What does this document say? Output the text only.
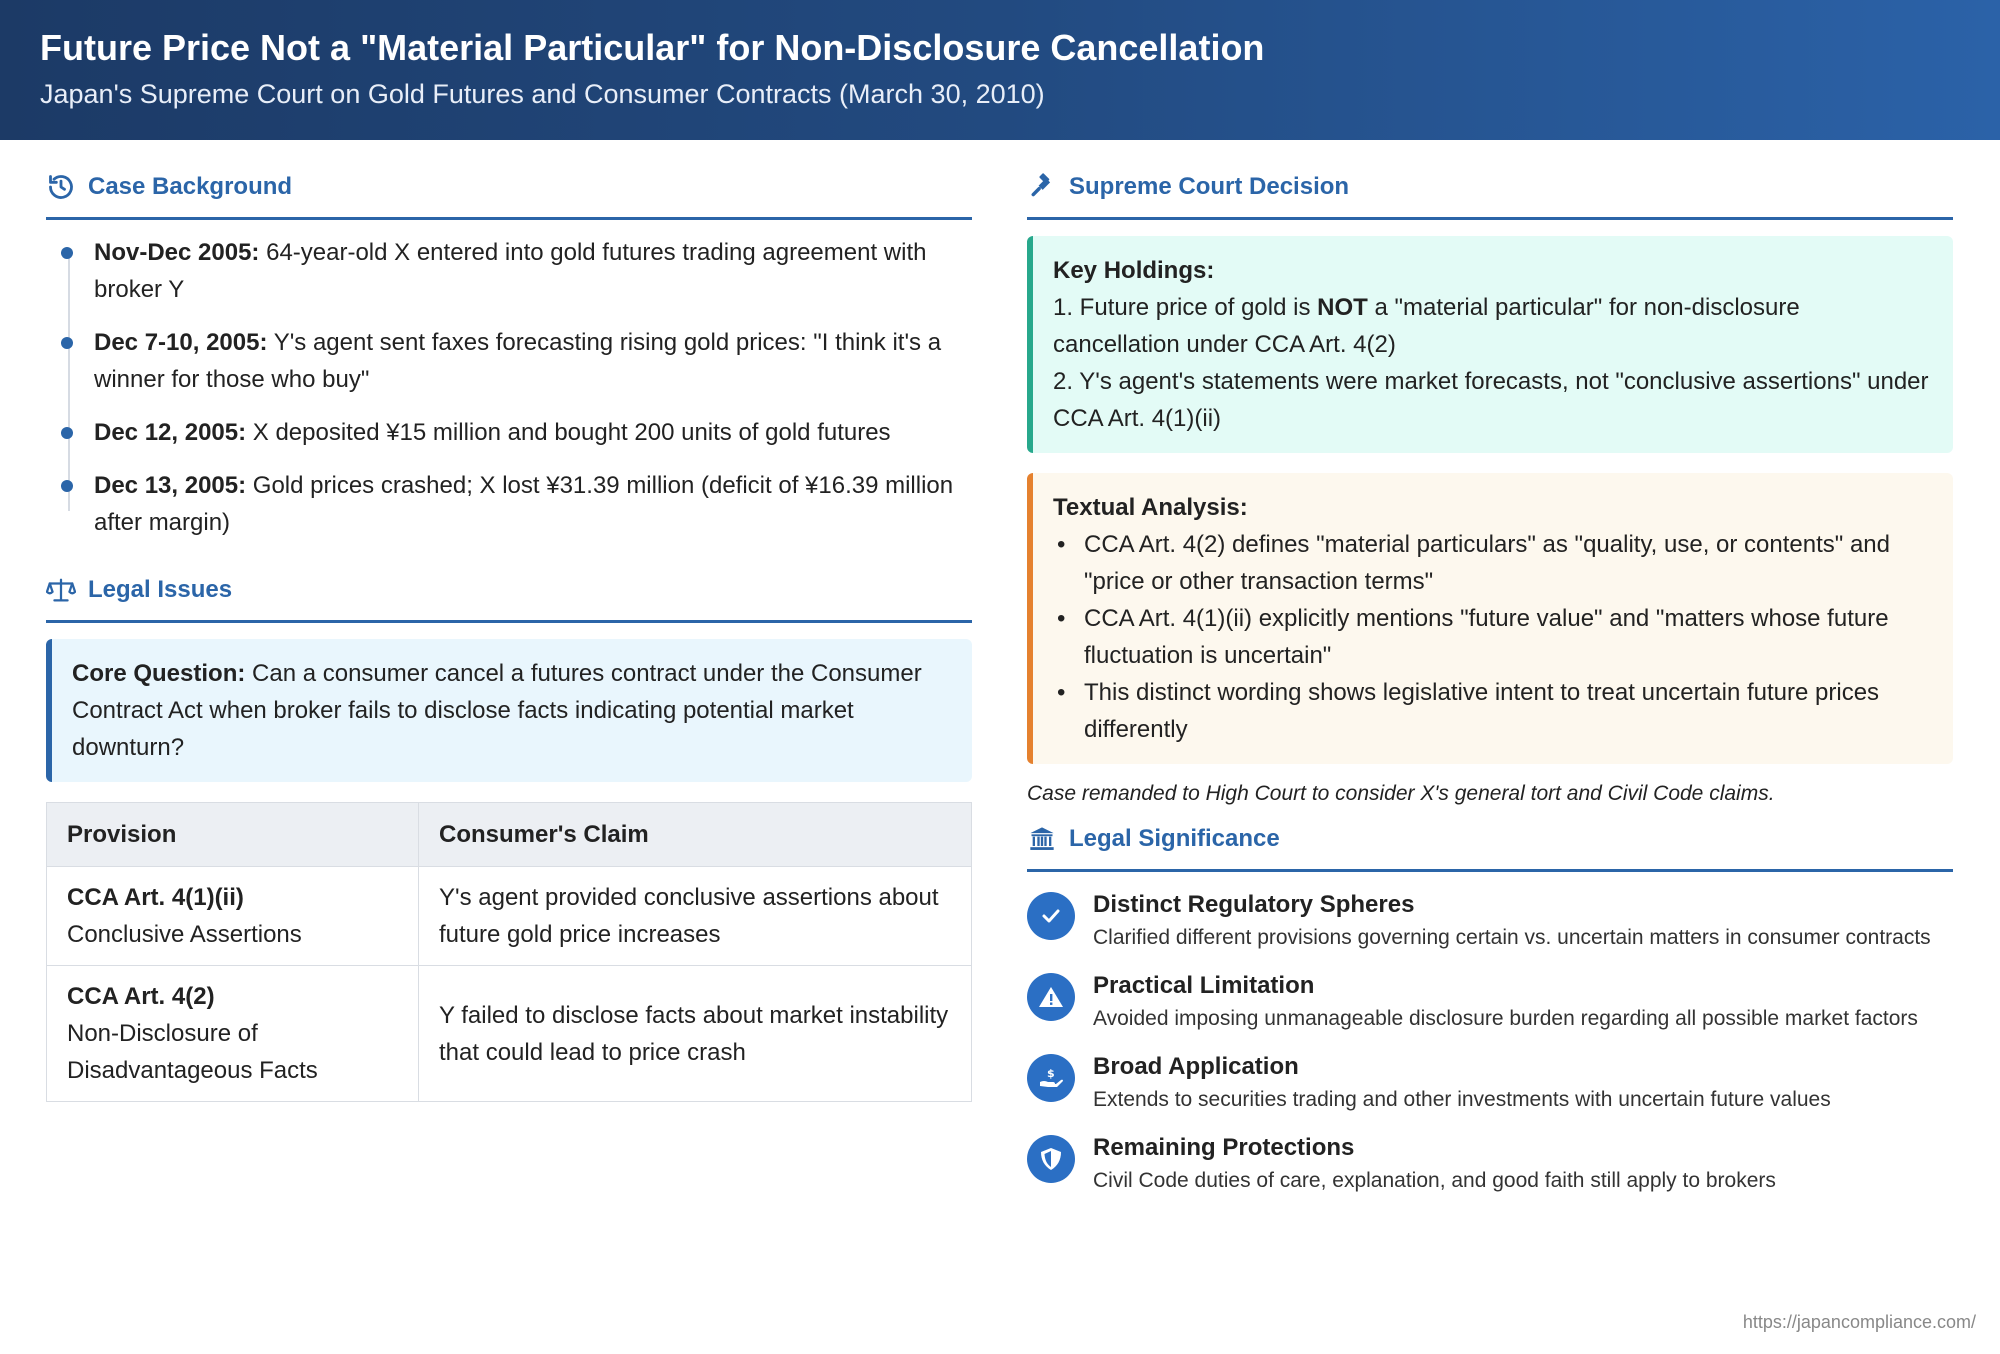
Future Price Not a "Material Particular" for Non-Disclosure Cancellation
Japan's Supreme Court on Gold Futures and Consumer Contracts (March 30, 2010)
Case Background
Nov-Dec 2005: 64-year-old X entered into gold futures trading agreement with broker Y
Dec 7-10, 2005: Y's agent sent faxes forecasting rising gold prices: "I think it's a winner for those who buy"
Dec 12, 2005: X deposited ¥15 million and bought 200 units of gold futures
Dec 13, 2005: Gold prices crashed; X lost ¥31.39 million (deficit of ¥16.39 million after margin)
Legal Issues
Core Question: Can a consumer cancel a futures contract under the Consumer Contract Act when broker fails to disclose facts indicating potential market downturn?
Provision	Consumer's Claim
CCA Art. 4(1)(ii)
Conclusive Assertions	Y's agent provided conclusive assertions about future gold price increases
CCA Art. 4(2)
Non-Disclosure of Disadvantageous Facts	Y failed to disclose facts about market instability that could lead to price crash
Supreme Court Decision
Key Holdings:
1. Future price of gold is NOT a "material particular" for non-disclosure cancellation under CCA Art. 4(2)
2. Y's agent's statements were market forecasts, not "conclusive assertions" under CCA Art. 4(1)(ii)
Textual Analysis:
• CCA Art. 4(2) defines "material particulars" as "quality, use, or contents" and "price or other transaction terms"
• CCA Art. 4(1)(ii) explicitly mentions "future value" and "matters whose future fluctuation is uncertain"
• This distinct wording shows legislative intent to treat uncertain future prices differently
Case remanded to High Court to consider X's general tort and Civil Code claims.
Legal Significance
Distinct Regulatory Spheres
Clarified different provisions governing certain vs. uncertain matters in consumer contracts
Practical Limitation
Avoided imposing unmanageable disclosure burden regarding all possible market factors
$ Broad Application
Extends to securities trading and other investments with uncertain future values
Remaining Protections
Civil Code duties of care, explanation, and good faith still apply to brokers
https://japancompliance.com/
